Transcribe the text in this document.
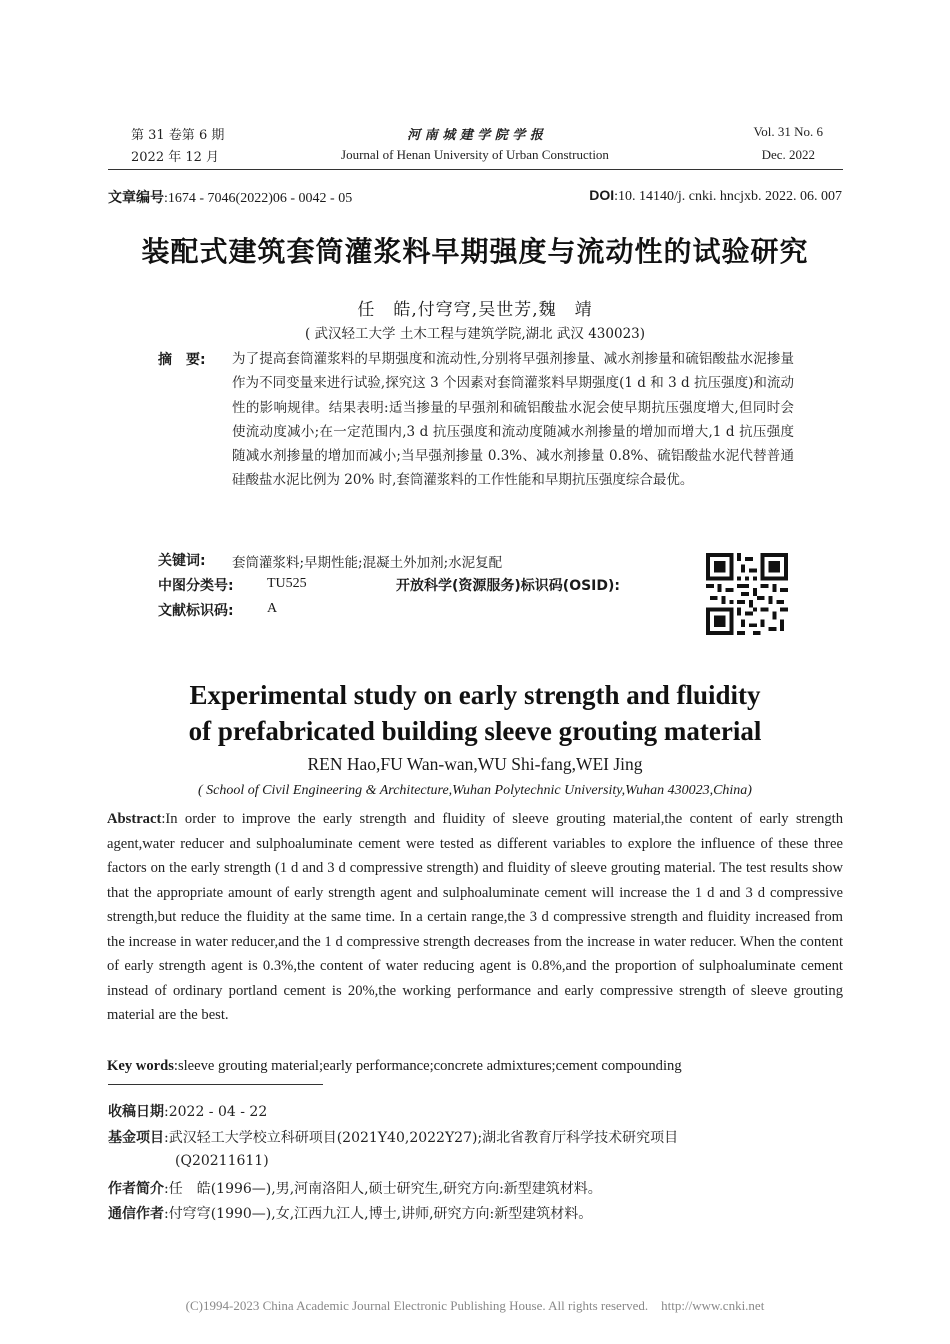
第 31 卷第 6 期
2022 年 12 月
河 南 城 建 学 院 学 报
Journal of Henan University of Urban Construction
Vol. 31 No. 6
Dec. 2022
文章编号:1674 - 7046(2022)06 - 0042 - 05	DOI:10. 14140/j. cnki. hncjxb. 2022. 06. 007
装配式建筑套筒灌浆料早期强度与流动性的试验研究
任　皓,付穹穹,吴世芳,魏　靖
( 武汉轻工大学 土木工程与建筑学院,湖北 武汉 430023)
摘　要: 为了提高套筒灌浆料的早期强度和流动性,分别将早强剂掺量、减水剂掺量和硫铝酸盐水泥掺量作为不同变量来进行试验,探究这 3 个因素对套筒灌浆料早期强度(1 d 和 3 d 抗压强度)和流动性的影响规律。结果表明:适当掺量的早强剂和硫铝酸盐水泥会使早期抗压强度增大,但同时会使流动度减小;在一定范围内,3 d 抗压强度和流动度随减水剂掺量的增加而增大,1 d 抗压强度随减水剂掺量的增加而减小;当早强剂掺量 0.3%、减水剂掺量 0.8%、硫铝酸盐水泥代替普通硅酸盐水泥比例为 20% 时,套筒灌浆料的工作性能和早期抗压强度综合最优。
关键词: 套筒灌浆料;早期性能;混凝土外加剂;水泥复配
中图分类号: TU525	开放科学(资源服务)标识码(OSID):
文献标识码: A
Experimental study on early strength and fluidity
of prefabricated building sleeve grouting material
REN Hao,FU Wan-wan,WU Shi-fang,WEI Jing
( School of Civil Engineering & Architecture,Wuhan Polytechnic University,Wuhan 430023,China)
Abstract:In order to improve the early strength and fluidity of sleeve grouting material,the content of early strength agent,water reducer and sulphoaluminate cement were tested as different variables to explore the influence of these three factors on the early strength (1 d and 3 d compressive strength) and fluidity of sleeve grouting material. The test results show that the appropriate amount of early strength agent and sulphoaluminate cement will increase the 1 d and 3 d compressive strength,but reduce the fluidity at the same time. In a certain range,the 3 d compressive strength and fluidity increased from the increase in water reducer,and the 1 d compressive strength decreases from the increase in water reducer. When the content of early strength agent is 0.3%,the content of water reducing agent is 0.8%,and the proportion of sulphoaluminate cement instead of ordinary portland cement is 20%,the working performance and early compressive strength of sleeve grouting material are the best.
Key words:sleeve grouting material;early performance;concrete admixtures;cement compounding
收稿日期:2022 - 04 - 22
基金项目:武汉轻工大学校立科研项目(2021Y40,2022Y27);湖北省教育厅科学技术研究项目
(Q20211611)
作者简介:任　皓(1996—),男,河南洛阳人,硕士研究生,研究方向:新型建筑材料。
通信作者:付穹穹(1990—),女,江西九江人,博士,讲师,研究方向:新型建筑材料。
(C)1994-2023 China Academic Journal Electronic Publishing House. All rights reserved.    http://www.cnki.net
